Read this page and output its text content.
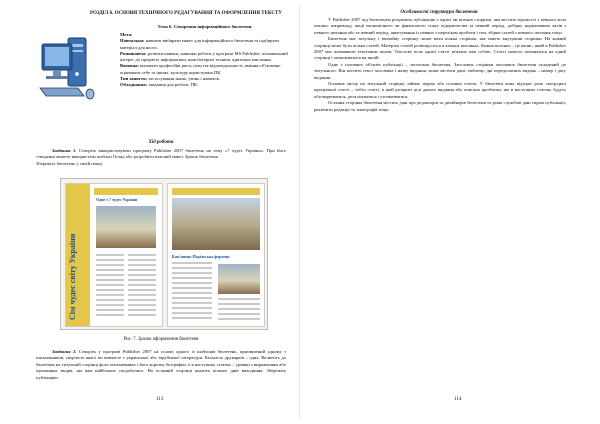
РОЗДІЛ 6. ОСНОВИ ТЕХНІЧНОГО РЕДАГУВАННЯ ТА ОФОРМЛЕННЯ ТЕКСТУ
Тема 6. Створення інформаційного бюлетеня.

Мета:

Навчальна: навчити вибирати макет для інформаційного бюлетеня та підбирати матеріал для нього.

Розвиваюча: розвити навики, навички роботи у програмі MS Publisher, пізнавальний інтерес до предмету інформатики, комп'ютерної техніки, критичне мислення.

Виховна: виховати професійні риси, почуття відповідальності, вміння об'єктивно оцінювати себе та інших, культуру користувача ПК.

Тип заняття: застосування знань, умінь і навичок.

Обладнання: завдання для роботи, ПК.

Хід роботи
Завдання 1. Створіть використовуючи програму Publisher 2007 бюлетень на тему «7 чудес України». При його створенні можете використати шаблон Огляд або розробити власний макет. Зразок бюлетеня
Збережіть бюлетень у своїй папці.
Сім чудес світу України
Одне з 7 чудес України
Кам'янець-Подільська фортеця
Рис. 7. Зразок оформлення бюлетеня
Завдання 2. Створіть у програмі Publisher 2007 на основі одного із шаблонів бюлетень, присвячений одному з письменників, творчість якого ви вивчаєте з української або зарубіжної літератури. Кількість друкарків – одна. Включіть до бюлетеня на титульній сторінці фото письменника і його коротку біографію, а в наступних статтях – уривки з вираженням або проханням творів, які вам найбільше сподобались. На останній сторінці вкажіть кількох днів виходиння. Збережіть публікацію.
113
Особливості структури бюлетеня

У Publisher 2007 під бюлетенем розуміють публікацію з однієї чи кількох сторінок, яка містить відомості з певного кола питань: наприклад, акції економічного чи фінансового стану підприємства за певний період, добірку нормативних актів з певного питання або за певний період, анкетування із певних з переліком проблем і тем, збірка статей з певного питання тощо.

Бюлетень має титульну і звичайну сторінку, може мати кілька сторінок, яке мають внутрішні сторінки. На кожній сторінці може бути кілька статей. Матеріал статей розміщується в кількох колонках. Кожна колонка – це напис, який в Publisher 2007 має назвиявати текстовим полем. Текстове поле однієї статті зв'язане між собою. Статті можуть починатися на одній сторінці і закінчуватися на іншій.

Одне з головних об'єктів публікації – заголовок бюлетеня. Заголовок сторінки заголовок бюлетеня складений до титульного. Він містить текст заголовка і назву видання, може містити дані, емблему, дні передплатних видань – номер і дату видання.

Основне місце на титульній сторінці займає перша або головна стаття. У бюлетені вона відіграє роль своєрідної програмної статті – тобто статті, в якій розкриті цілі даного видання або описано проблеми, які в наступних статтях будуть обговорюватися, деталізуватися і уточнюватися.

Остання сторінка бюлетеня містить дані про редакторів та дизайнерів бюлетеня та деякі службові дані тираж публікації, реквізити редакції та типографії тощо.

114
